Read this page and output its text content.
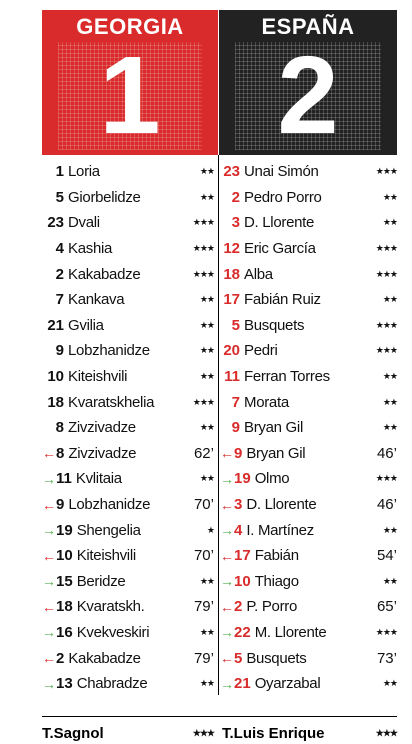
GEORGIA
1
ESPAÑA
2
1 Loria	★★
5 Giorbelidze	★★
23 Dvali	★★★
4 Kashia	★★★
2 Kakabadze	★★★
7 Kankava	★★
21 Gvilia	★★
9 Lobzhanidze	★★
10 Kiteishvili	★★
18 Kvaratskhelia	★★★
8 Zivzivadze	★★
← 8 Zivzivadze	62’
→ 11 Kvlitaia	★★
← 9 Lobzhanidze	70’
→ 19 Shengelia	★
← 10 Kiteishvili	70’
→ 15 Beridze	★★
← 18 Kvaratskh.	79’
→ 16 Kvekveskiri	★★
← 2 Kakabadze	79’
→ 13 Chabradze	★★
23 Unai Simón	★★★
2 Pedro Porro	★★
3 D. Llorente	★★
12 Eric García	★★★
18 Alba	★★★
17 Fabián Ruiz	★★
5 Busquets	★★★
20 Pedri	★★★
11 Ferran Torres	★★
7 Morata	★★
9 Bryan Gil	★★
← 9 Bryan Gil	46’
→ 19 Olmo	★★★
← 3 D. Llorente	46’
→ 4 I. Martínez	★★
← 17 Fabián	54’
→ 10 Thiago	★★
← 2 P. Porro	65’
→ 22 M. Llorente	★★★
← 5 Busquets	73’
→ 21 Oyarzabal	★★
T.Sagnol	★★★ T.Luis Enrique	★★★
